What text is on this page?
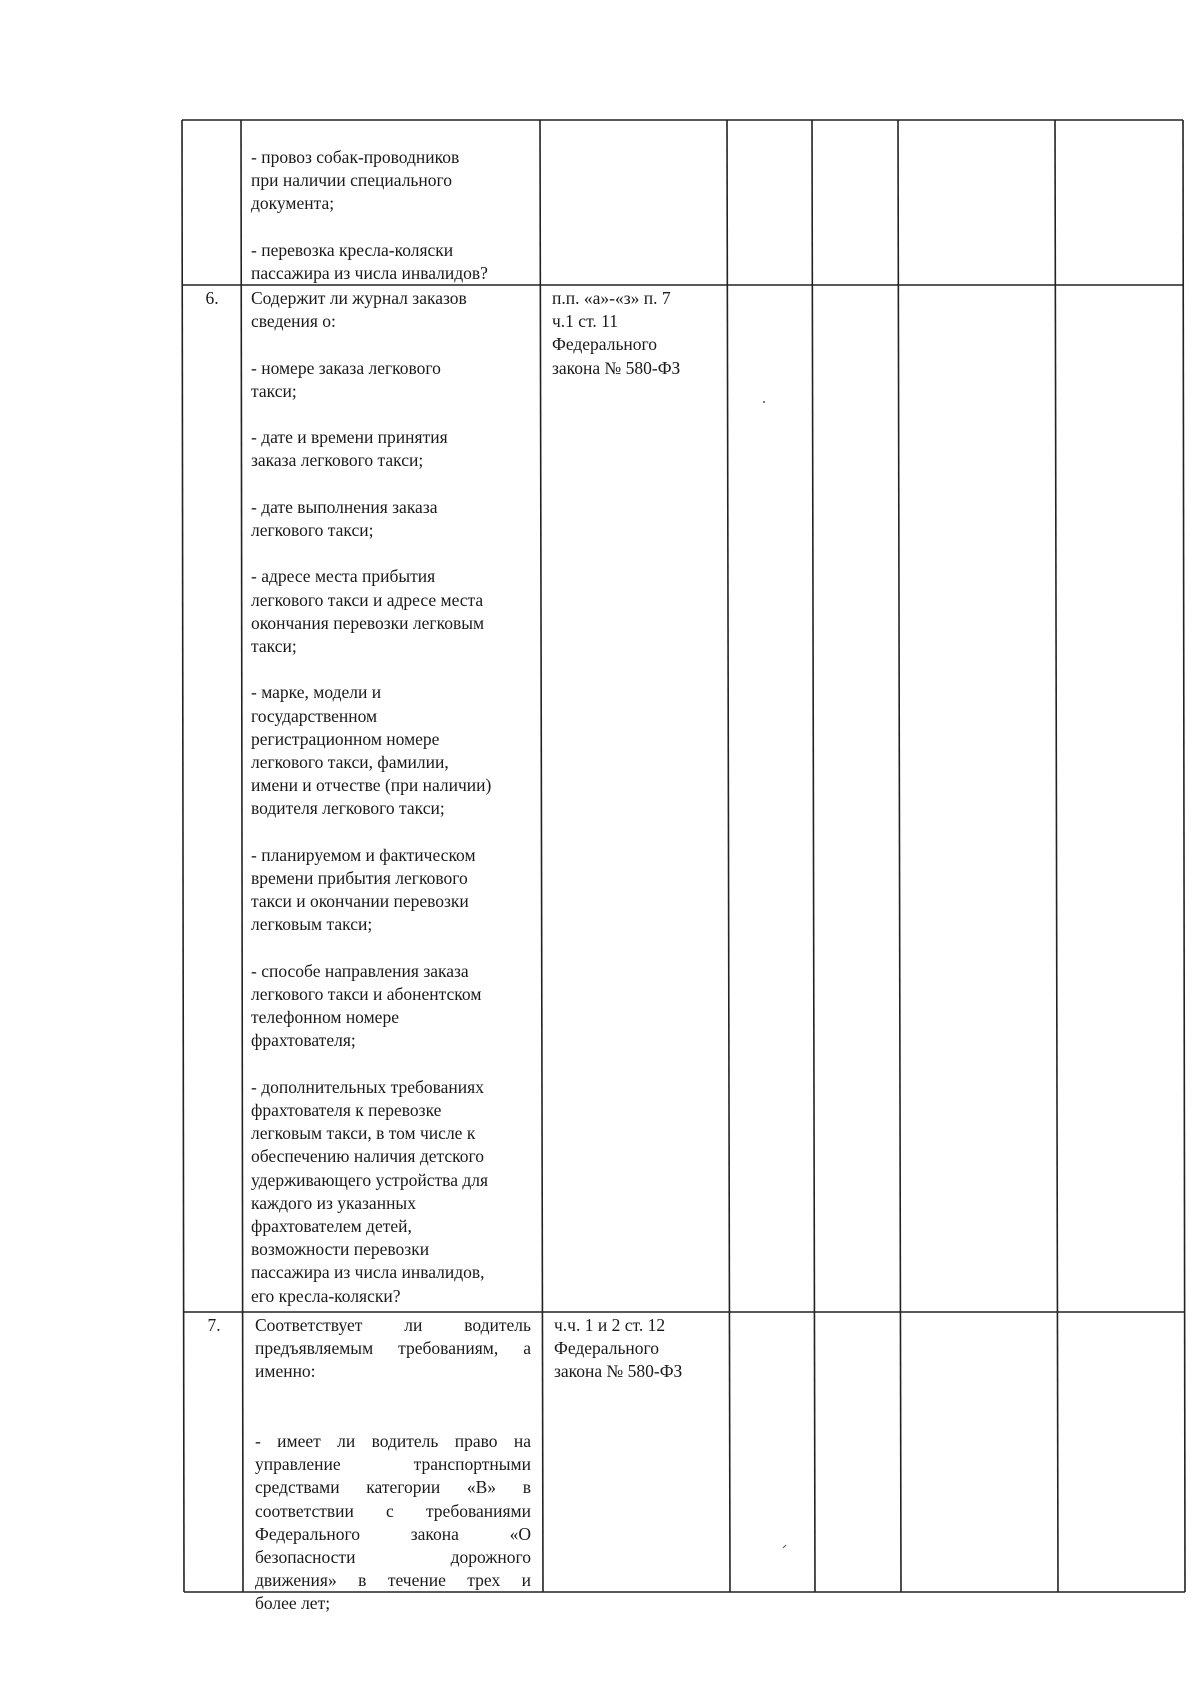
- провоз собак-проводников
при наличии специального
документа;
- перевозка кресла-коляски
пассажира из числа инвалидов?
6.	Содержит ли журнал заказов
сведения о:
- номере заказа легкового
такси;
- дате и времени принятия
заказа легкового такси;
- дате выполнения заказа
легкового такси;
- адресе места прибытия
легкового такси и адресе места
окончания перевозки легковым
такси;
- марке, модели и
государственном
регистрационном номере
легкового такси, фамилии,
имени и отчестве (при наличии)
водителя легкового такси;
- планируемом и фактическом
времени прибытия легкового
такси и окончании перевозки
легковым такси;
- способе направления заказа
легкового такси и абонентском
телефонном номере
фрахтователя;
- дополнительных требованиях
фрахтователя к перевозке
легковым такси, в том числе к
обеспечению наличия детского
удерживающего устройства для
каждого из указанных
фрахтователем детей,
возможности перевозки
пассажира из числа инвалидов,
его кресла-коляски?
п.п. «а»-«з» п. 7
ч.1 ст. 11
Федерального
закона № 580-ФЗ
7.	Соответствует ли водитель
предъявляемым требованиям, а
именно:
- имеет ли водитель право на
управление транспортными
средствами категории «В» в
соответствии с требованиями
Федерального закона «О
безопасности дорожного
движения» в течение трех и
более лет;
ч.ч. 1 и 2 ст. 12
Федерального
закона № 580-ФЗ
